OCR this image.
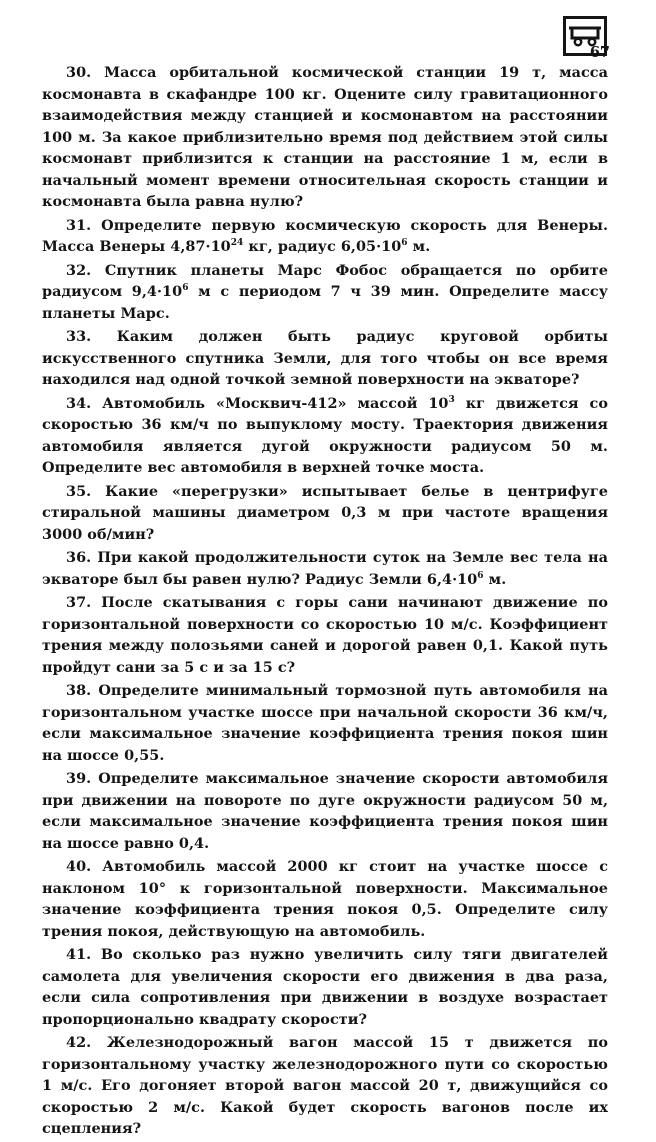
67

30. Масса орбитальной космической станции 19 т, масса космонавта в скафандре 100 кг. Оцените силу гравитационного взаимодействия между станцией и космонавтом на расстоянии 100 м. За какое приблизительно время под действием этой силы космонавт приблизится к станции на расстояние 1 м, если в начальный момент времени относительная скорость станции и космонавта была равна нулю?

31. Определите первую космическую скорость для Венеры. Масса Венеры $4,87\cdot 10^{24}$ кг, радиус $6,05\cdot 10^6$ м.

32. Спутник планеты Марс Фобос обращается по орбите радиусом $9,4\cdot 10^6$ м с периодом 7 ч 39 мин. Определите массу планеты Марс.

33. Каким должен быть радиус круговой орбиты искусственного спутника Земли, для того чтобы он все время находился над одной точкой земной поверхности на экваторе?

34. Автомобиль «Москвич-412» массой $10^3$ кг движется со скоростью 36 км/ч по выпуклому мосту. Траектория движения автомобиля является дугой окружности радиусом 50 м. Определите вес автомобиля в верхней точке моста.

35. Какие «перегрузки» испытывает белье в центрифуге стиральной машины диаметром 0,3 м при частоте вращения 3000 об/мин?

36. При какой продолжительности суток на Земле вес тела на экваторе был бы равен нулю? Радиус Земли $6,4\cdot 10^6$ м.

37. После скатывания с горы сани начинают движение по горизонтальной поверхности со скоростью 10 м/с. Коэффициент трения между полозьями саней и дорогой равен 0,1. Какой путь пройдут сани за 5 с и за 15 с?

38. Определите минимальный тормозной путь автомобиля на горизонтальном участке шоссе при начальной скорости 36 км/ч, если максимальное значение коэффициента трения покоя шин на шоссе 0,55.

39. Определите максимальное значение скорости автомобиля при движении на повороте по дуге окружности радиусом 50 м, если максимальное значение коэффициента трения покоя шин на шоссе равно 0,4.

40. Автомобиль массой 2000 кг стоит на участке шоссе с наклоном 10° к горизонтальной поверхности. Максимальное значение коэффициента трения покоя 0,5. Определите силу трения покоя, действующую на автомобиль.

41. Во сколько раз нужно увеличить силу тяги двигателей самолета для увеличения скорости его движения в два раза, если сила сопротивления при движении в воздухе возрастает пропорционально квадрату скорости?

42. Железнодорожный вагон массой 15 т движется по горизонтальному участку железнодорожного пути со скоростью 1 м/с. Его догоняет второй вагон массой 20 т, движущийся со скоростью 2 м/с. Какой будет скорость вагонов после их сцепления?
